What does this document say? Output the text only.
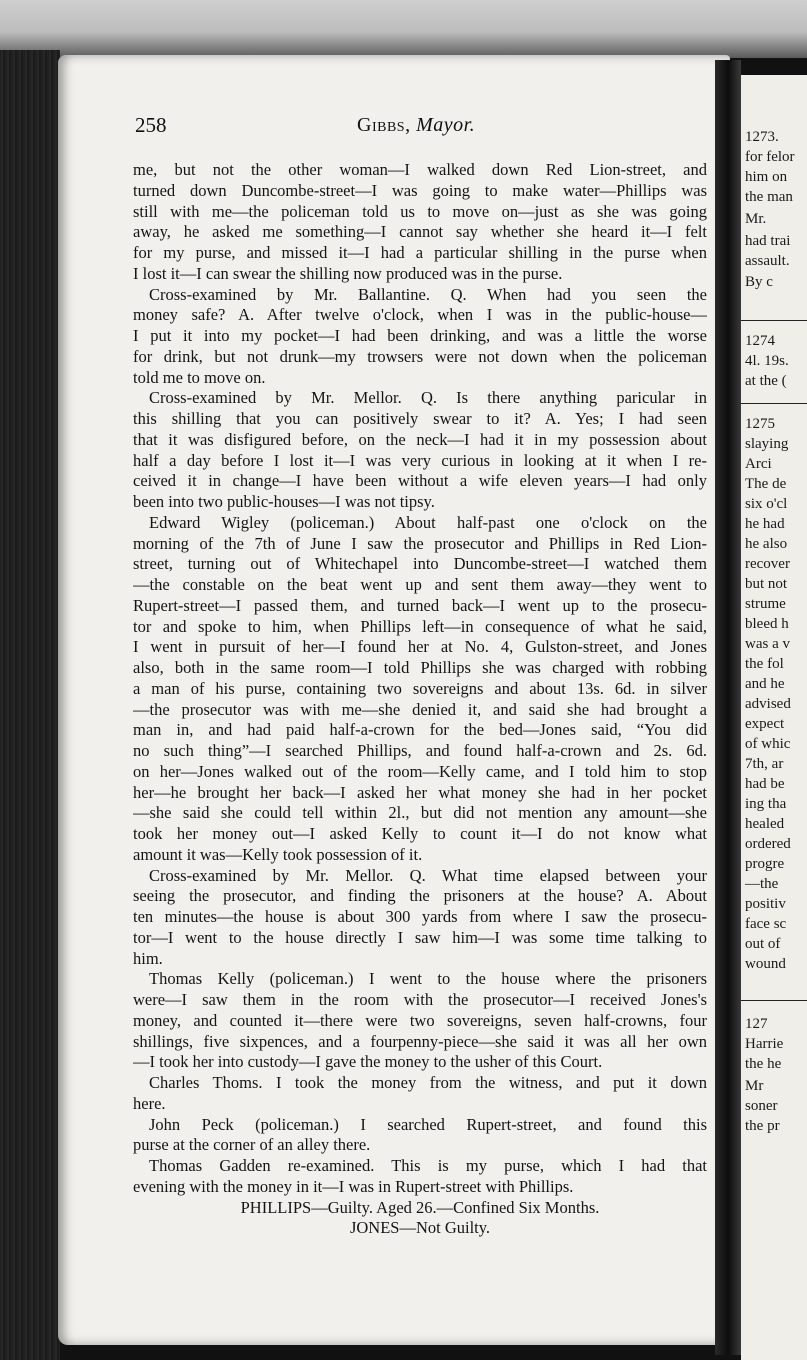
258	Gibbs, Mayor.
me, but not the other woman—I walked down Red Lion-street, and
turned down Duncombe-street—I was going to make water—Phillips was
still with me—the policeman told us to move on—just as she was going
away, he asked me something—I cannot say whether she heard it—I felt
for my purse, and missed it—I had a particular shilling in the purse when
I lost it—I can swear the shilling now produced was in the purse.
Cross-examined by Mr. Ballantine. Q. When had you seen the
money safe? A. After twelve o'clock, when I was in the public-house—
I put it into my pocket—I had been drinking, and was a little the worse
for drink, but not drunk—my trowsers were not down when the policeman
told me to move on.
Cross-examined by Mr. Mellor. Q. Is there anything paricular in
this shilling that you can positively swear to it? A. Yes; I had seen
that it was disfigured before, on the neck—I had it in my possession about
half a day before I lost it—I was very curious in looking at it when I re-
ceived it in change—I have been without a wife eleven years—I had only
been into two public-houses—I was not tipsy.
Edward Wigley (policeman.) About half-past one o'clock on the
morning of the 7th of June I saw the prosecutor and Phillips in Red Lion-
street, turning out of Whitechapel into Duncombe-street—I watched them
—the constable on the beat went up and sent them away—they went to
Rupert-street—I passed them, and turned back—I went up to the prosecu-
tor and spoke to him, when Phillips left—in consequence of what he said,
I went in pursuit of her—I found her at No. 4, Gulston-street, and Jones
also, both in the same room—I told Phillips she was charged with robbing
a man of his purse, containing two sovereigns and about 13s. 6d. in silver
—the prosecutor was with me—she denied it, and said she had brought a
man in, and had paid half-a-crown for the bed—Jones said, “You did
no such thing”—I searched Phillips, and found half-a-crown and 2s. 6d.
on her—Jones walked out of the room—Kelly came, and I told him to stop
her—he brought her back—I asked her what money she had in her pocket
—she said she could tell within 2l., but did not mention any amount—she
took her money out—I asked Kelly to count it—I do not know what
amount it was—Kelly took possession of it.
Cross-examined by Mr. Mellor. Q. What time elapsed between your
seeing the prosecutor, and finding the prisoners at the house? A. About
ten minutes—the house is about 300 yards from where I saw the prosecu-
tor—I went to the house directly I saw him—I was some time talking to
him.
Thomas Kelly (policeman.) I went to the house where the prisoners
were—I saw them in the room with the prosecutor—I received Jones's
money, and counted it—there were two sovereigns, seven half-crowns, four
shillings, five sixpences, and a fourpenny-piece—she said it was all her own
—I took her into custody—I gave the money to the usher of this Court.
Charles Thoms. I took the money from the witness, and put it down
here.
John Peck (policeman.) I searched Rupert-street, and found this
purse at the corner of an alley there.
Thomas Gadden re-examined. This is my purse, which I had that
evening with the money in it—I was in Rupert-street with Phillips.
PHILLIPS—Guilty. Aged 26.—Confined Six Months.
JONES—Not Guilty.
1273.
for felor
him on
the man
Mr.
had trai
assault.
By c
1274
4l. 19s.
at the (
1275
slaying
Arci
The de
six o'cl
he had
he also
recover
but not
strume
bleed h
was a v
the fol
and he
advised
expect
of whic
7th, ar
had be
ing tha
healed
ordered
progre
—the
positiv
face sc
out of
wound
127
Harrie
the he
Mr
soner
the pr
